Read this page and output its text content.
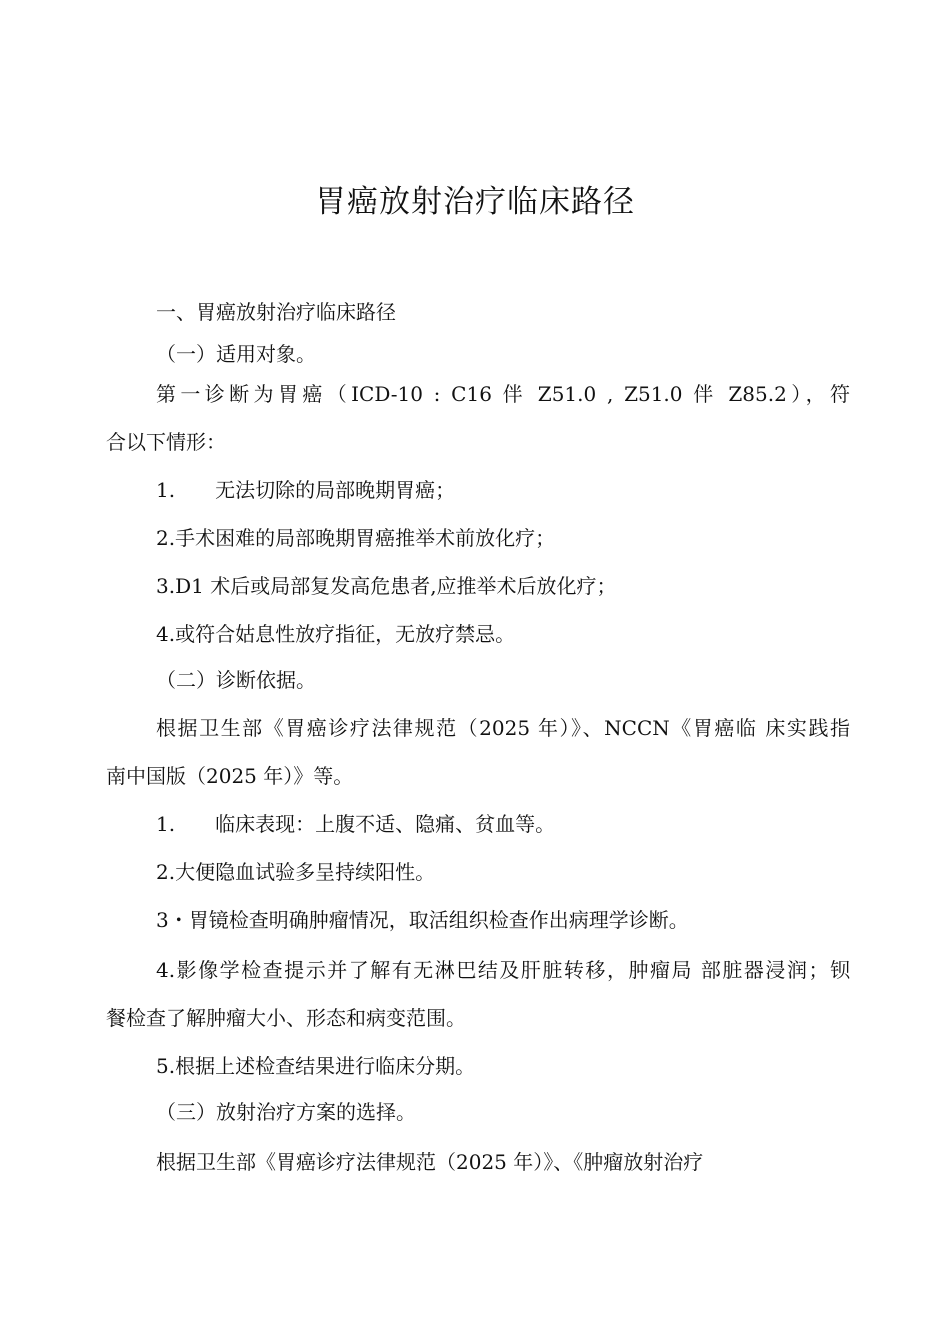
胃癌放射治疗临床路径
一、胃癌放射治疗临床路径
（一）适用对象。
第一诊断为胃癌（ICD-10 : C16 伴 Z51.0 , Z51.0 伴 Z85.2），符
合以下情形：
1.　　无法切除的局部晚期胃癌；
2.手术困难的局部晚期胃癌推举术前放化疗；
3.D1 术后或局部复发高危患者,应推举术后放化疗；
4.或符合姑息性放疗指征，无放疗禁忌。
（二）诊断依据。
根据卫生部《胃癌诊疗法律规范（2025 年）》、NCCN《胃癌临 床实践指
南中国版（2025 年）》等。
1.　　临床表现：上腹不适、隐痛、贫血等。
2.大便隐血试验多呈持续阳性。
3・胃镜检查明确肿瘤情况，取活组织检查作出病理学诊断。
4.影像学检查提示并了解有无淋巴结及肝脏转移，肿瘤局 部脏器浸润；钡
餐检查了解肿瘤大小、形态和病变范围。
5.根据上述检查结果进行临床分期。
（三）放射治疗方案的选择。
根据卫生部《胃癌诊疗法律规范（2025 年）》、《肿瘤放射治疗
